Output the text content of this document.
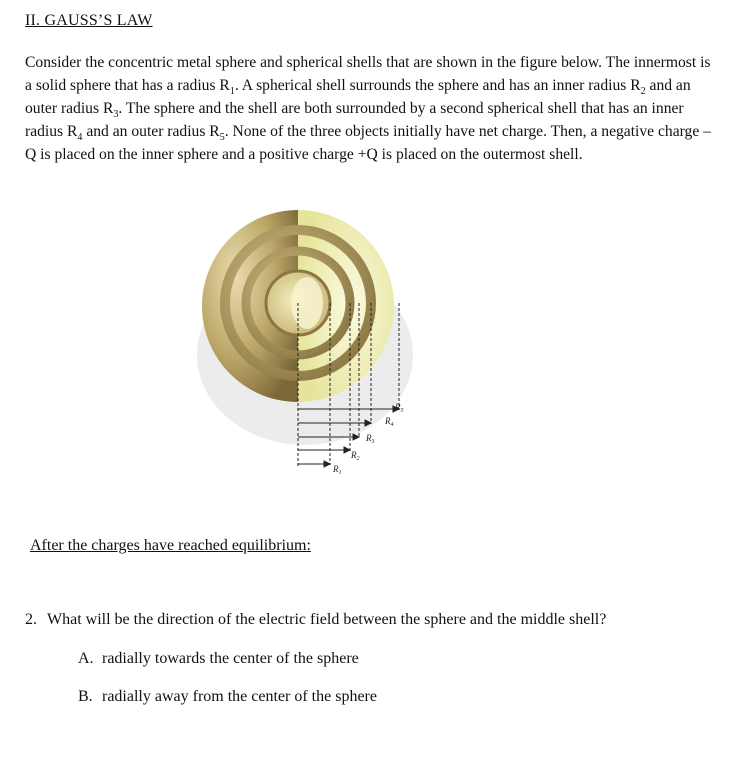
II. GAUSS’S LAW
Consider the concentric metal sphere and spherical shells that are shown in the figure below. The innermost is a solid sphere that has a radius $R_1$. A spherical shell surrounds the sphere and has an inner radius $R_2$ and an outer radius $R_3$. The sphere and the shell are both surrounded by a second spherical shell that has an inner radius $R_4$ and an outer radius $R_5$. None of the three objects initially have net charge. Then, a negative charge –Q is placed on the inner sphere and a positive charge +Q is placed on the outermost shell.
$R_5$
$R_4$
$R_3$
$R_2$
$R_1$
After the charges have reached equilibrium:
2. What will be the direction of the electric field between the sphere and the middle shell?
A. radially towards the center of the sphere
B. radially away from the center of the sphere
